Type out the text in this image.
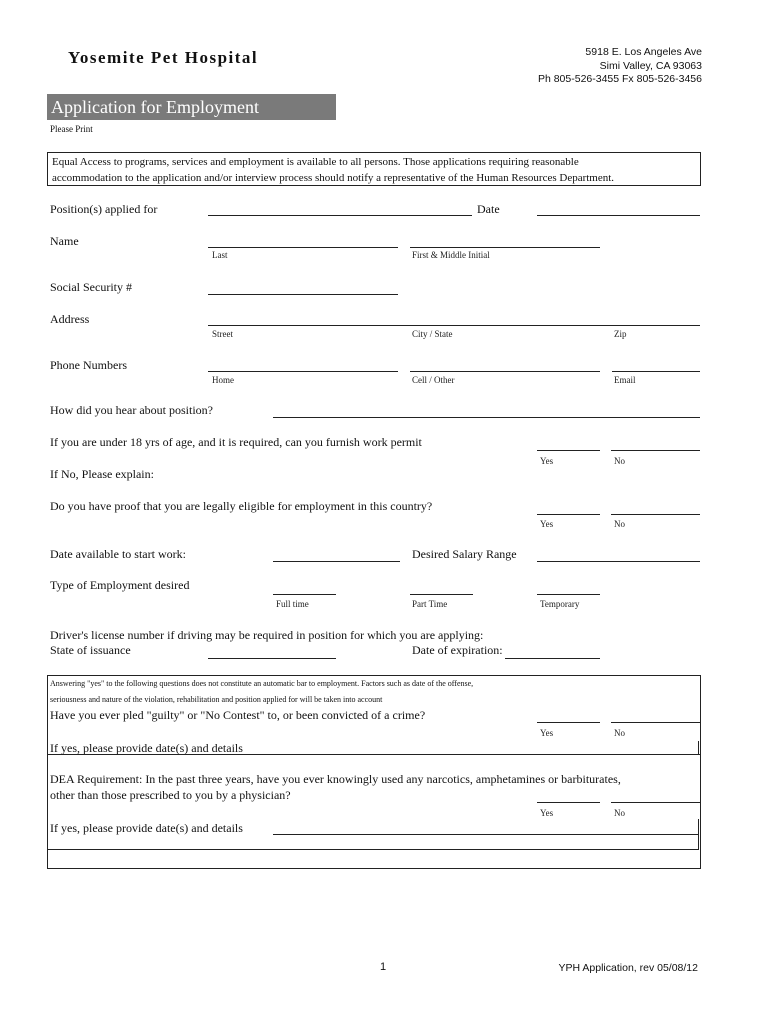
Yosemite Pet Hospital	5918 E. Los Angeles Ave
Simi Valley, CA 93063
Ph 805-526-3455 Fx 805-526-3456
Application for Employment
Please Print
Equal Access to programs, services and employment is available to all persons. Those applications requiring reasonable
accommodation to the application and/or interview process should notify a representative of the Human Resources Department.
Position(s) applied for	Date
Name
Last	First & Middle Initial
Social Security #
Address
Street	City / State	Zip
Phone Numbers
Home	Cell / Other	Email
How did you hear about position?
If you are under 18 yrs of age, and it is required, can you furnish work permit
Yes	No
If No, Please explain:
Do you have proof that you are legally eligible for employment in this country?
Yes	No
Date available to start work:	Desired Salary Range
Type of Employment desired
Full time	Part Time	Temporary
Driver's license number if driving may be required in position for which you are applying:
State of issuance	Date of expiration:
Answering "yes" to the following questions does not constitute an automatic bar to employment. Factors such as date of the offense,
seriousness and nature of the violation, rehabilitation and position applied for will be taken into account
Have you ever pled "guilty" or "No Contest" to, or been convicted of a crime?
Yes	No
If yes, please provide date(s) and details
DEA Requirement: In the past three years, have you ever knowingly used any narcotics, amphetamines or barbiturates,
other than those prescribed to you by a physician?
Yes	No
If yes, please provide date(s) and details
1	YPH Application, rev 05/08/12
